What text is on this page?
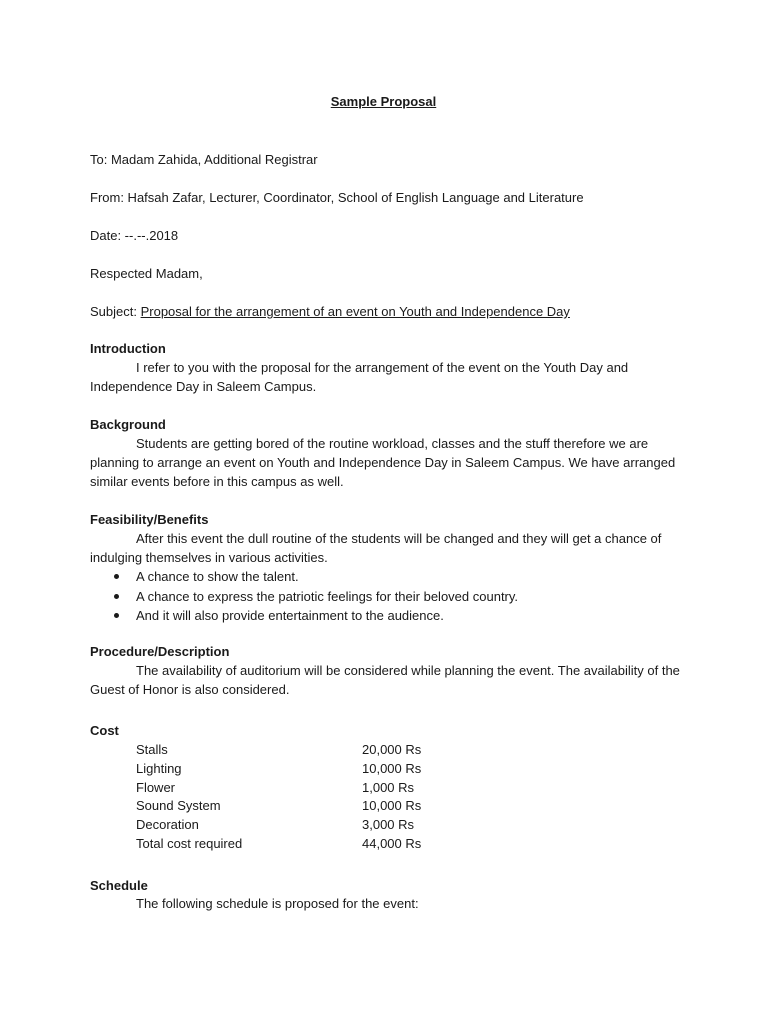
Sample Proposal
To: Madam Zahida, Additional Registrar
From: Hafsah Zafar, Lecturer, Coordinator, School of English Language and Literature
Date: --.--.2018
Respected Madam,
Subject: Proposal for the arrangement of an event on Youth and Independence Day
Introduction
I refer to you with the proposal for the arrangement of the event on the Youth Day and Independence Day in Saleem Campus.
Background
Students are getting bored of the routine workload, classes and the stuff therefore we are planning to arrange an event on Youth and Independence Day in Saleem Campus. We have arranged similar events before in this campus as well.
Feasibility/Benefits
After this event the dull routine of the students will be changed and they will get a chance of indulging themselves in various activities.
A chance to show the talent.
A chance to express the patriotic feelings for their beloved country.
And it will also provide entertainment to the audience.
Procedure/Description
The availability of auditorium will be considered while planning the event. The availability of the Guest of Honor is also considered.
Cost
Stalls	20,000 Rs
Lighting	10,000 Rs
Flower	1,000 Rs
Sound System	10,000 Rs
Decoration	3,000 Rs
Total cost required	44,000 Rs
Schedule
The following schedule is proposed for the event:
